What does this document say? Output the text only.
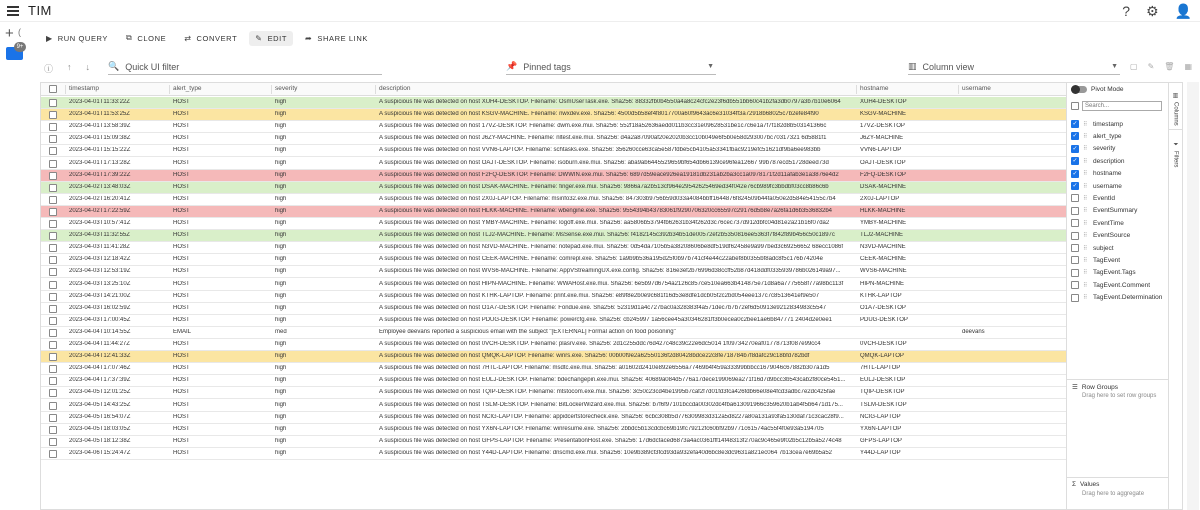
TIM	? ⚙ 👤
+ (
9+
▶ RUN QUERY ⧉ CLONE ⇄ CONVERT ✎ EDIT ➦ SHARE LINK
ⓘ ↑ ↓ 🔍 Quick UI filter	📌 Pinned tags	▼	▥ Column view	▼ ▢ ✎ 🗑 ▦
timestamp	alert_type	severity	description	hostname	username
2023-04-01T11:33:22Z	HOST	high	A suspicious file was detected on host XUH4-DESKTOP. Filename: OsmUserTask.exe. Sha256: 88332fb0b4550a4a8c24cfc2e23f6db551bb60c41b2fa3db0797a3b7b10e6064	XUH4-DESKTOP
2023-04-01T11:53:25Z	HOST	high	A suspicious file was detected on host KSGV-MACHINE. Filename: nwxdev.exe. Sha256: 4500d5b58ef4f8017700a60f9643ac6e31034ff3a72918b68025c7b2efe84f90	KSGV-MACHINE
2023-04-01T13:58:39Z	HOST	high	A suspicious file was detected on host 17VZ-DESKTOP. Filename: dwm.exe.mui. Sha256: 552f18a52636aedd011b3cc31e09628531be1c7c6e1a7f7f182d8b503141366c	17VZ-DESKTOP
2023-04-01T15:09:38Z	HOST	high	A suspicious file was detected on host J6ZY-MACHINE. Filename: nltest.exe.mui. Sha256: d4a2a87090af20e2020b3cc10b049e6f5b0e58d293007bc70317321 6d5881f1	J6ZY-MACHINE
2023-04-01T15:15:22Z	HOST	high	A suspicious file was detected on host VVN6-LAPTOP. Filename: schtasks.exe. Sha256: 356260cce63ca5e587fdbe5cb4105a53341fbac9219efc51621df9ba6ee983bb	VVN6-LAPTOP
2023-04-01T17:13:28Z	HOST	high	A suspicious file was detected on host OAJT-DESKTOP. Filename: isoburn.exe.mui. Sha256: aba9ab6445529659bf654db66139ce96fea12667 99b787ecd51728deed73d	OAJT-DESKTOP
2023-04-01T17:39:22Z	HOST	high	A suspicious file was detected on host F2FQ-DESKTOP. Filename: DWWIN.exe.mui. Sha256: 6897d59eace926ea19181db231ab2ba3cc1a0978171f2d11afab3e1a3876e4d2	F2FQ-DESKTOP
2023-04-02T13:48:03Z	HOST	high	A suspicious file was detected on host DSAK-MACHINE. Filename: finger.exe.mui. Sha256: 9866a7a2b513cf964e29542625469ed34f042e76cb989fc3bbdbf03cc8b86c6b	DSAK-MACHINE
2023-04-02T16:20:41Z	HOST	high	A suspicious file was detected on host 2X0J-LAPTOP. Filename: msinfo32.exe.mui. Sha256: 847303b9756b59d033a4084bbff1644876f824509b44fa050e2d584e54155c7b4	2X0J-LAPTOP
2023-04-02T17:22:59Z	HOST	high	A suspicious file was detected on host HLKK-MACHINE. Filename: wbengine.exe. Sha256: 9554394b43783061f9290706320cc65597c29176d5b8e7a26fa1d6b3536832b4	HLKK-MACHINE
2023-04-03T10:57:41Z	HOST	high	A suspicious file was detected on host YMBY-MACHINE. Filename: logoff.exe.mui. Sha256: aa5806b53794fb62631b34f262d3c76cec737d912dbfc04d81e2a21b16f07da2	YMBY-MACHINE
2023-04-03T11:32:55Z	HOST	high	A suspicious file was detected on host TLJ2-MACHINE. Filename: MsSense.exe.mui. Sha256: f4182145c392b34b51de00572ef2b5350816ee5363f7f842f89b456c50c1897c	TLJ2-MACHINE
2023-04-03T11:41:28Z	HOST	high	A suspicious file was detected on host N3VD-MACHINE. Filename: notepad.exe.mui. Sha256: 0d54da7105b5a38208606be8df519df62458e9a997bed3c69256652 68ecc1086f	N3VD-MACHINE
2023-04-03T12:18:42Z	HOST	high	A suspicious file was detected on host CEEK-MACHINE. Filename: comrepl.exe. Sha256: 1a9b9b536a195d25f0b97b741cf4e44c22abef8b0355bf8adc8f5c176b74204e	CEEK-MACHINE
2023-04-03T12:53:19Z	HOST	high	A suspicious file was detected on host WVS6-MACHINE. Filename: AppVStreamingUX.exe.config. Sha256: 816e3ef2b76996d38ccff52b87d418ddf0335939786b026149a97...	WVS6-MACHINE
2023-04-03T13:25:10Z	HOST	high	A suspicious file was detected on host HIPN-MACHINE. Filename: WWAHost.exe.mui. Sha256: 6e5b97d6754a2126c857ce510ea663b414875e71d8a6a7775658f77a98bc113f	HIPN-MACHINE
2023-04-03T14:21:00Z	HOST	high	A suspicious file was detected on host KTHK-LAPTOP. Filename: print.exe.mui. Sha256: e89f8e2b0e9c681f16d53e8dfe1dcb05f2c2bd054eee137c7c8513641ef9e507	KTHK-LAPTOP
2023-04-03T16:02:59Z	HOST	high	A suspicious file was detected on host O1A7-DESKTOP. Filename: Fondue.exe. Sha256: 52319d1a4c727bac0a328383f4a571dec7b7b72ef6d50913e9212834983c5547	O1A7-DESKTOP
2023-04-03T17:00:45Z	HOST	high	A suspicious file was detected on host PDUG-DESKTOP. Filename: powercfg.exe. Sha256: cb245997 1a56cee45a30346281ff3b0ecea0c2bee1ae6b847771 2404d2e0ee1	PDUG-DESKTOP
2023-04-04T10:14:55Z	EMAIL	med	Employee deevans reported a suspicious email with the subject "[EXTERNAL] Formal action on food poisoning"	deevans
2023-04-04T11:44:27Z	HOST	high	A suspicious file was detected on host 0VCH-DESKTOP. Filename: plasrv.exe. Sha256: 2d1c255ddc76d427c48c39c22e6dc5014 1f09734270eaf01778713f087e99cc4	0VCH-DESKTOP
2023-04-04T12:41:33Z	HOST	high	A suspicious file was detected on host QMQK-LAPTOP. Filename: winrs.exe. Sha256: 00b00f9e2a62550136f2d80428bdce22c8fe718784b7f8dafc29c18bfd782bdf	QMQK-LAPTOP
2023-04-04T17:07:46Z	HOST	high	A suspicious file was detected on host 7HTL-LAPTOP. Filename: msdtc.exe.mui. Sha256: a01602d2410e892e6556a77469b4f459a33399bbbcc1679046c67882b307a1d5	7HTL-LAPTOP
2023-04-04T17:37:39Z	HOST	high	A suspicious file was detected on host EULJ-DESKTOP. Filename: bdechangepin.exe.mui. Sha256: 40689a084d5776a17dece199069ea271f16d7d9bcc3b543cab2f80ce5451...	EULJ-DESKTOP
2023-04-05T12:01:25Z	HOST	high	A suspicious file was detected on host TQIP-DESKTOP. Filename: mtstocom.exe.mui. Sha256: 3c50c23cd4be1995b7caf2f7d01fd3fca426fdb66e08e4fcd3adbc7e2dc425fae	TQIP-DESKTOP
2023-04-05T14:43:25Z	HOST	high	A suspicious file was detected on host TSLM-DESKTOP. Filename: BitLockerWizard.exe.mui. Sha256: b7f6f97101bccda00302dc4fba613091966c359620b1ab4f5b6471d175...	TSLM-DESKTOP
2023-04-05T16:54:07Z	HOST	high	A suspicious file was detected on host NCIG-LAPTOP. Filename: appidcertstorecheck.exe. Sha256: 6cbc308b5d776309983d312a5d8227a80a131a93fa5130daf71c3cac28f9...	NCIG-LAPTOP
2023-04-05T18:03:05Z	HOST	high	A suspicious file was detected on host YX6N-LAPTOP. Filename: winresume.exe. Sha256: 2bbdc5b13cdcbc69b19fc79212fc60bf92b9771c61574ac55f4f0e93a5194705	YX6N-LAPTOP
2023-04-05T18:12:38Z	HOST	high	A suspicious file was detected on host GFPS-LAPTOP. Filename: PresentationHost.exe. Sha256: 17d6dcfaced6873a4ac0361fff14f48313f270ac9c465e9f02b5c12b5a5274c48	GFPS-LAPTOP
2023-04-06T15:24:47Z	HOST	high	A suspicious file was detected on host Y44D-LAPTOP. Filename: dnscmd.exe.mui. Sha256: 10e9b389cf3fcd93da932efa40d6bc8e3dc9631a821ec064 7b13cea7e69b5a52	Y44D-LAPTOP
Pivot Mode
Search...
✓ ⠿ timestamp
✓ ⠿ alert_type
✓ ⠿ severity
✓ ⠿ description
✓ ⠿ hostname
✓ ⠿ username
⠿ EventId
⠿ EventSummary
⠿ EventTime
⠿ EventSource
⠿ subject
⠿ TagEvent
⠿ TagEvent.Tags
⠿ TagEvent.Comment
⠿ TagEvent.Determination
☰ Row Groups
Drag here to set row groups
Σ Values
Drag here to aggregate
▥
Columns
⏷
Filters
